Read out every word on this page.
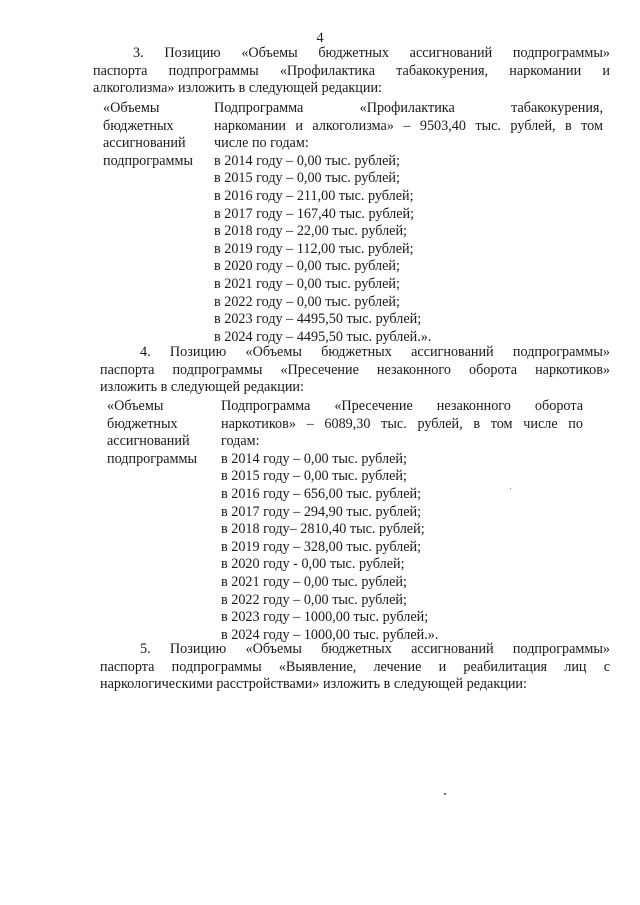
4
3. Позицию «Объемы бюджетных ассигнований подпрограммы»
паспорта подпрограммы «Профилактика табакокурения, наркомании и
алкоголизма» изложить в следующей редакции:
«Объемы
бюджетных
ассигнований
подпрограммы
Подпрограмма «Профилактика табакокурения,
наркомании и алкоголизма» – 9503,40 тыс. рублей, в том
числе по годам:
в 2014 году – 0,00 тыс. рублей;
в 2015 году – 0,00 тыс. рублей;
в 2016 году – 211,00 тыс. рублей;
в 2017 году – 167,40 тыс. рублей;
в 2018 году – 22,00 тыс. рублей;
в 2019 году – 112,00 тыс. рублей;
в 2020 году – 0,00 тыс. рублей;
в 2021 году – 0,00 тыс. рублей;
в 2022 году – 0,00 тыс. рублей;
в 2023 году – 4495,50 тыс. рублей;
в 2024 году – 4495,50 тыс. рублей.».
4. Позицию «Объемы бюджетных ассигнований подпрограммы»
паспорта подпрограммы «Пресечение незаконного оборота наркотиков»
изложить в следующей редакции:
«Объемы
бюджетных
ассигнований
подпрограммы
Подпрограмма «Пресечение незаконного оборота
наркотиков» – 6089,30 тыс. рублей, в том числе по
годам:
в 2014 году – 0,00 тыс. рублей;
в 2015 году – 0,00 тыс. рублей;
в 2016 году – 656,00 тыс. рублей;
в 2017 году – 294,90 тыс. рублей;
в 2018 году– 2810,40 тыс. рублей;
в 2019 году – 328,00 тыс. рублей;
в 2020 году - 0,00 тыс. рублей;
в 2021 году – 0,00 тыс. рублей;
в 2022 году – 0,00 тыс. рублей;
в 2023 году – 1000,00 тыс. рублей;
в 2024 году – 1000,00 тыс. рублей.».
5. Позицию «Объемы бюджетных ассигнований подпрограммы»
паспорта подпрограммы «Выявление, лечение и реабилитация лиц с
наркологическими расстройствами» изложить в следующей редакции:
